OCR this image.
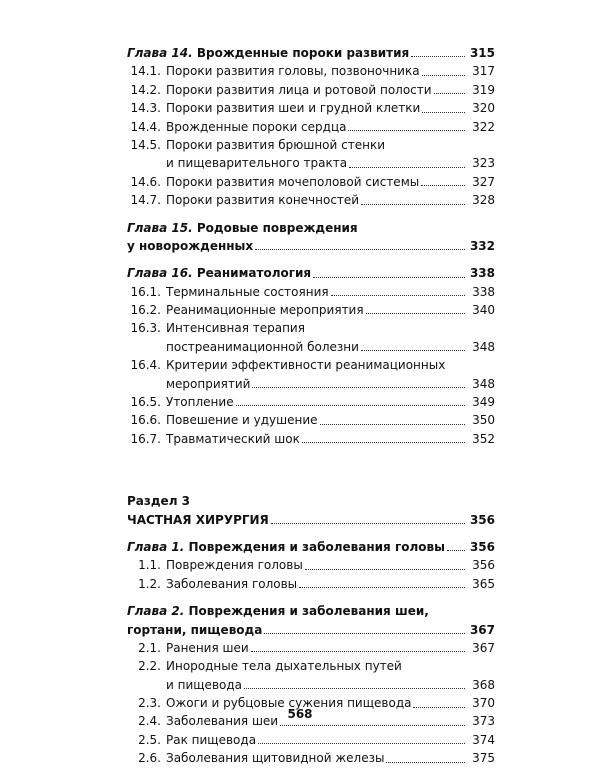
Глава 14. Врожденные пороки развития	315
14.1. Пороки развития головы, позвоночника	317
14.2. Пороки развития лица и ротовой полости	319
14.3. Пороки развития шеи и грудной клетки	320
14.4. Врожденные пороки сердца	322
14.5. Пороки развития брюшной стенки
и пищеварительного тракта	323
14.6. Пороки развития мочеполовой системы	327
14.7. Пороки развития конечностей	328
Глава 15. Родовые повреждения
у новорожденных	332
Глава 16. Реаниматология	338
16.1. Терминальные состояния	338
16.2. Реанимационные мероприятия	340
16.3. Интенсивная терапия
постреанимационной болезни	348
16.4. Критерии эффективности реанимационных
мероприятий	348
16.5. Утопление	349
16.6. Повешение и удушение	350
16.7. Травматический шок	352
Раздел 3
ЧАСТНАЯ ХИРУРГИЯ	356
Глава 1. Повреждения и заболевания головы	356
1.1. Повреждения головы	356
1.2. Заболевания головы	365
Глава 2. Повреждения и заболевания шеи,
гортани, пищевода	367
2.1. Ранения шеи	367
2.2. Инородные тела дыхательных путей
и пищевода	368
2.3. Ожоги и рубцовые сужения пищевода	370
2.4. Заболевания шеи	373
2.5. Рак пищевода	374
2.6. Заболевания щитовидной железы	375
568
